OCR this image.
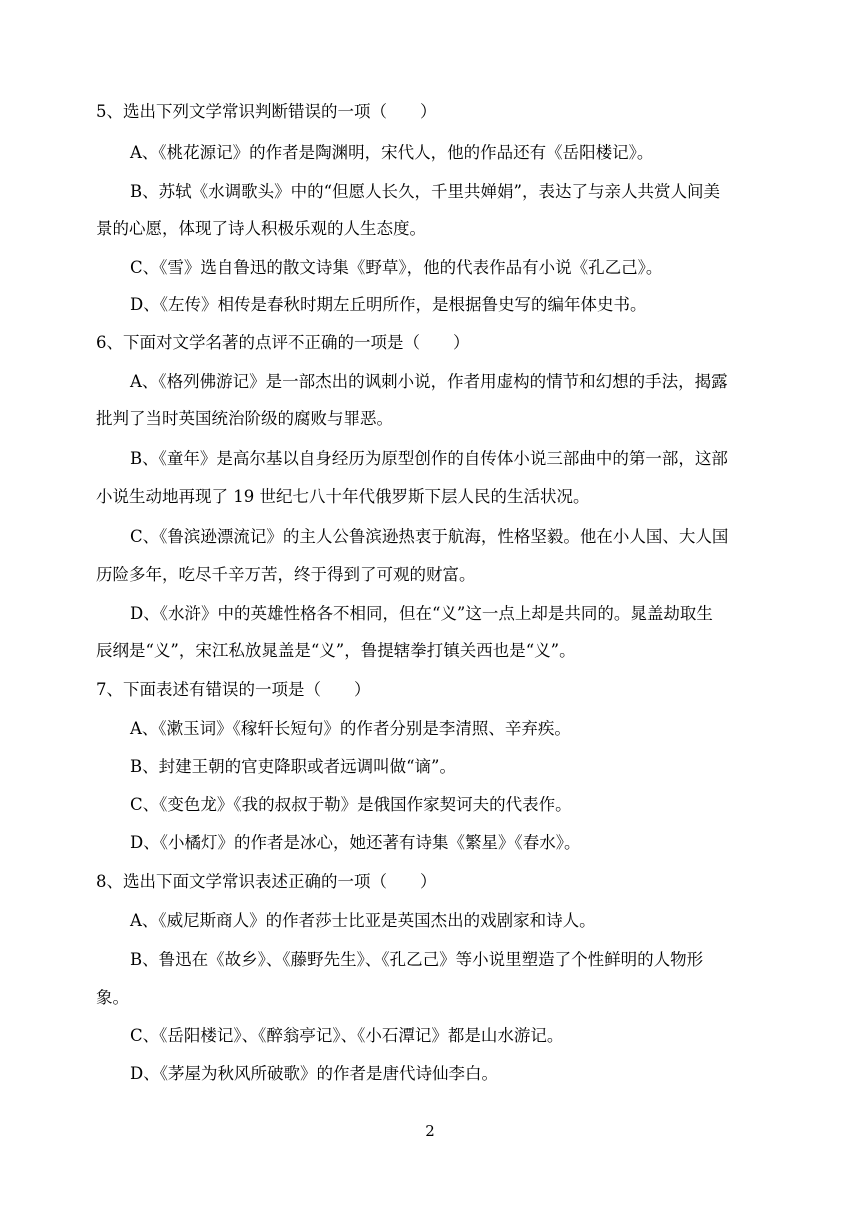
5、选出下列文学常识判断错误的一项（　　）
A、《桃花源记》的作者是陶渊明，宋代人，他的作品还有《岳阳楼记》。
B、苏轼《水调歌头》中的“但愿人长久，千里共婵娟”，表达了与亲人共赏人间美
景的心愿，体现了诗人积极乐观的人生态度。
C、《雪》选自鲁迅的散文诗集《野草》，他的代表作品有小说《孔乙己》。
D、《左传》相传是春秋时期左丘明所作，是根据鲁史写的编年体史书。
6、下面对文学名著的点评不正确的一项是（　　）
A、《格列佛游记》是一部杰出的讽刺小说，作者用虚构的情节和幻想的手法，揭露
批判了当时英国统治阶级的腐败与罪恶。
B、《童年》是高尔基以自身经历为原型创作的自传体小说三部曲中的第一部，这部
小说生动地再现了 19 世纪七八十年代俄罗斯下层人民的生活状况。
C、《鲁滨逊漂流记》的主人公鲁滨逊热衷于航海，性格坚毅。他在小人国、大人国
历险多年，吃尽千辛万苦，终于得到了可观的财富。
D、《水浒》中的英雄性格各不相同，但在“义”这一点上却是共同的。晁盖劫取生
辰纲是“义”，宋江私放晁盖是“义”，鲁提辖拳打镇关西也是“义”。
7、下面表述有错误的一项是（　　）
A、《漱玉词》《稼轩长短句》的作者分别是李清照、辛弃疾。
B、封建王朝的官吏降职或者远调叫做“谪”。
C、《变色龙》《我的叔叔于勒》是俄国作家契诃夫的代表作。
D、《小橘灯》的作者是冰心，她还著有诗集《繁星》《春水》。
8、选出下面文学常识表述正确的一项（　　）
A、《威尼斯商人》的作者莎士比亚是英国杰出的戏剧家和诗人。
B、鲁迅在《故乡》、《藤野先生》、《孔乙己》等小说里塑造了个性鲜明的人物形
象。
C、《岳阳楼记》、《醉翁亭记》、《小石潭记》都是山水游记。
D、《茅屋为秋风所破歌》的作者是唐代诗仙李白。
2
